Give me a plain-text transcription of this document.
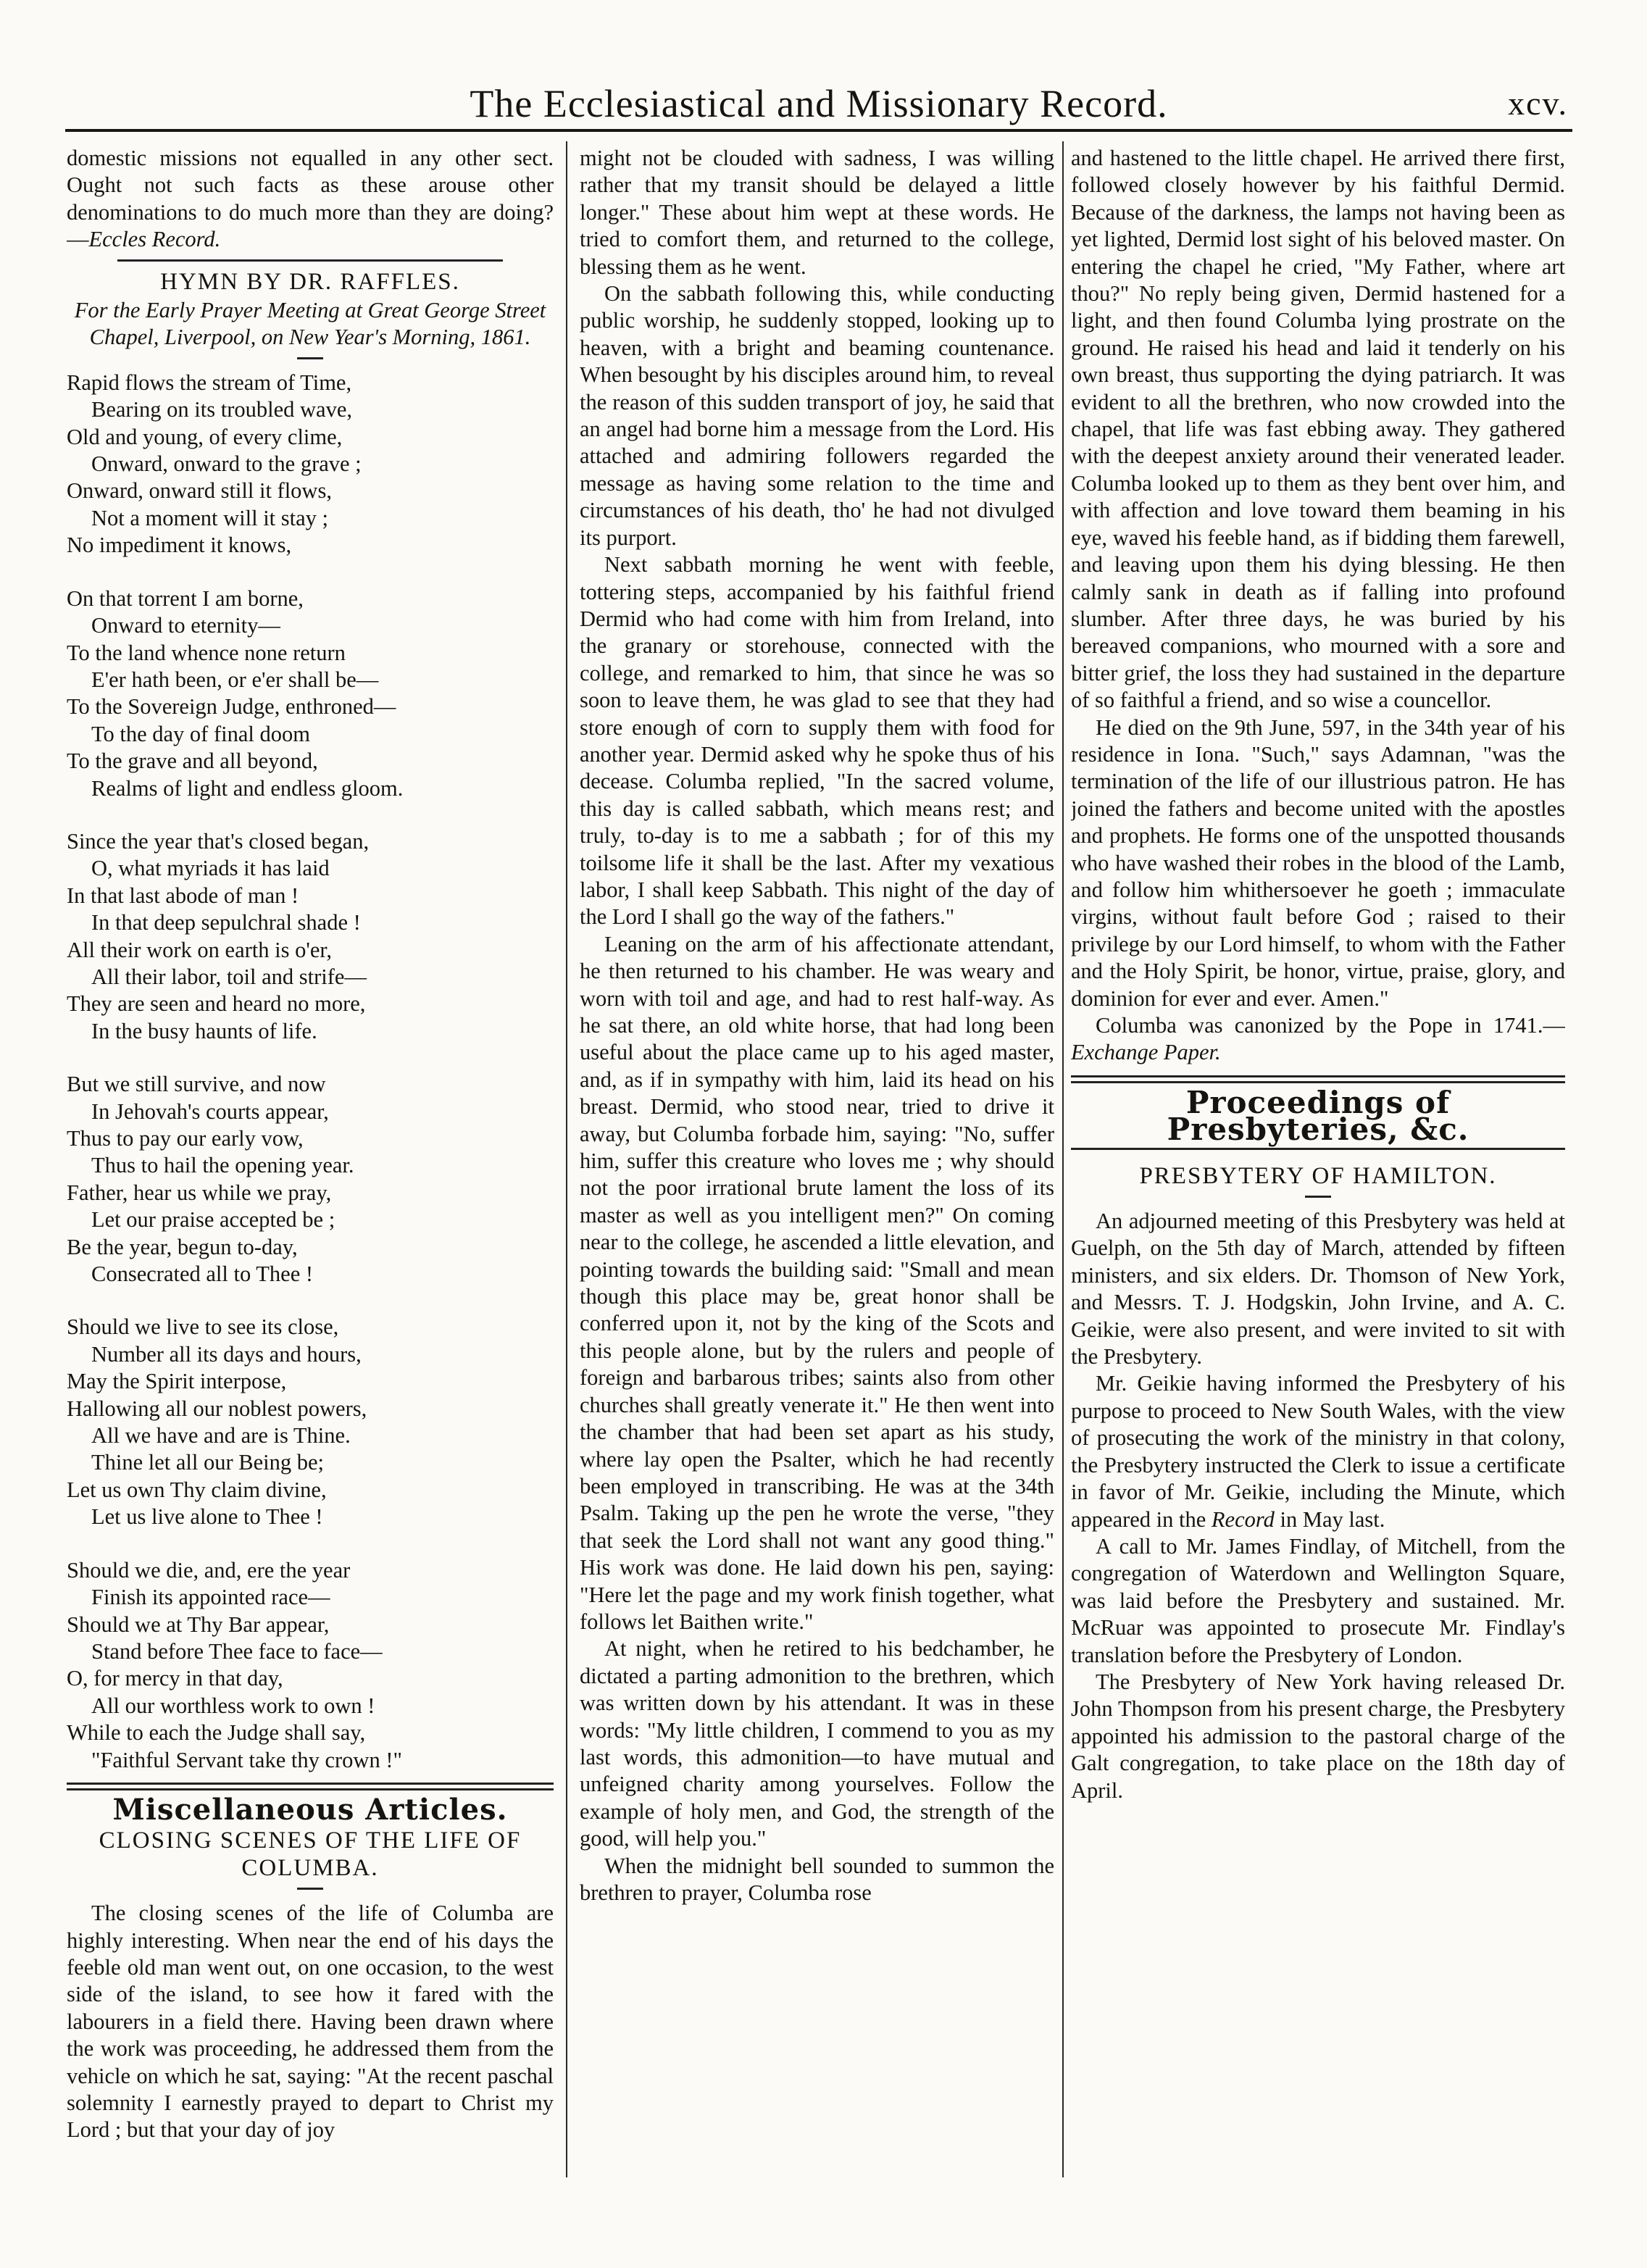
The Ecclesiastical and Missionary Record.	xcv.

domestic missions not equalled in any other sect. Ought not such facts as these arouse other denominations to do much more than they are doing?—Eccles Record.

HYMN BY DR. RAFFLES.
For the Early Prayer Meeting at Great George Street Chapel, Liverpool, on New Year's Morning, 1861.
Rapid flows the stream of Time,
Bearing on its troubled wave,
Old and young, of every clime,
Onward, onward to the grave ;
Onward, onward still it flows,
Not a moment will it stay ;
No impediment it knows,
On that torrent I am borne,
Onward to eternity—
To the land whence none return
E'er hath been, or e'er shall be—
To the Sovereign Judge, enthroned—
To the day of final doom
To the grave and all beyond,
Realms of light and endless gloom.
Since the year that's closed began,
O, what myriads it has laid
In that last abode of man !
In that deep sepulchral shade !
All their work on earth is o'er,
All their labor, toil and strife—
They are seen and heard no more,
In the busy haunts of life.
But we still survive, and now
In Jehovah's courts appear,
Thus to pay our early vow,
Thus to hail the opening year.
Father, hear us while we pray,
Let our praise accepted be ;
Be the year, begun to-day,
Consecrated all to Thee !
Should we live to see its close,
Number all its days and hours,
May the Spirit interpose,
Hallowing all our noblest powers,
All we have and are is Thine.
Thine let all our Being be;
Let us own Thy claim divine,
Let us live alone to Thee !
Should we die, and, ere the year
Finish its appointed race—
Should we at Thy Bar appear,
Stand before Thee face to face—
O, for mercy in that day,
All our worthless work to own !
While to each the Judge shall say,
"Faithful Servant take thy crown !"
Miscellaneous Articles.
CLOSING SCENES OF THE LIFE OF COLUMBA.

The closing scenes of the life of Columba are highly interesting. When near the end of his days the feeble old man went out, on one occasion, to the west side of the island, to see how it fared with the labourers in a field there. Having been drawn where the work was proceeding, he addressed them from the vehicle on which he sat, saying: "At the recent paschal solemnity I earnestly prayed to depart to Christ my Lord ; but that your day of joy

might not be clouded with sadness, I was willing rather that my transit should be delayed a little longer." These about him wept at these words. He tried to comfort them, and returned to the college, blessing them as he went.

On the sabbath following this, while conducting public worship, he suddenly stopped, looking up to heaven, with a bright and beaming countenance. When besought by his disciples around him, to reveal the reason of this sudden transport of joy, he said that an angel had borne him a message from the Lord. His attached and admiring followers regarded the message as having some relation to the time and circumstances of his death, tho' he had not divulged its purport.

Next sabbath morning he went with feeble, tottering steps, accompanied by his faithful friend Dermid who had come with him from Ireland, into the granary or storehouse, connected with the college, and remarked to him, that since he was so soon to leave them, he was glad to see that they had store enough of corn to supply them with food for another year. Dermid asked why he spoke thus of his decease. Columba replied, "In the sacred volume, this day is called sabbath, which means rest; and truly, to-day is to me a sabbath ; for of this my toilsome life it shall be the last. After my vexatious labor, I shall keep Sabbath. This night of the day of the Lord I shall go the way of the fathers."

Leaning on the arm of his affectionate attendant, he then returned to his chamber. He was weary and worn with toil and age, and had to rest half-way. As he sat there, an old white horse, that had long been useful about the place came up to his aged master, and, as if in sympathy with him, laid its head on his breast. Dermid, who stood near, tried to drive it away, but Columba forbade him, saying: "No, suffer him, suffer this creature who loves me ; why should not the poor irrational brute lament the loss of its master as well as you intelligent men?" On coming near to the college, he ascended a little elevation, and pointing towards the building said: "Small and mean though this place may be, great honor shall be conferred upon it, not by the king of the Scots and this people alone, but by the rulers and people of foreign and barbarous tribes; saints also from other churches shall greatly venerate it." He then went into the chamber that had been set apart as his study, where lay open the Psalter, which he had recently been employed in transcribing. He was at the 34th Psalm. Taking up the pen he wrote the verse, "they that seek the Lord shall not want any good thing." His work was done. He laid down his pen, saying: "Here let the page and my work finish together, what follows let Baithen write."

At night, when he retired to his bedchamber, he dictated a parting admonition to the brethren, which was written down by his attendant. It was in these words: "My little children, I commend to you as my last words, this admonition—to have mutual and unfeigned charity among yourselves. Follow the example of holy men, and God, the strength of the good, will help you."

When the midnight bell sounded to summon the brethren to prayer, Columba rose

and hastened to the little chapel. He arrived there first, followed closely however by his faithful Dermid. Because of the darkness, the lamps not having been as yet lighted, Dermid lost sight of his beloved master. On entering the chapel he cried, "My Father, where art thou?" No reply being given, Dermid hastened for a light, and then found Columba lying prostrate on the ground. He raised his head and laid it tenderly on his own breast, thus supporting the dying patriarch. It was evident to all the brethren, who now crowded into the chapel, that life was fast ebbing away. They gathered with the deepest anxiety around their venerated leader. Columba looked up to them as they bent over him, and with affection and love toward them beaming in his eye, waved his feeble hand, as if bidding them farewell, and leaving upon them his dying blessing. He then calmly sank in death as if falling into profound slumber. After three days, he was buried by his bereaved companions, who mourned with a sore and bitter grief, the loss they had sustained in the departure of so faithful a friend, and so wise a councellor.

He died on the 9th June, 597, in the 34th year of his residence in Iona. "Such," says Adamnan, "was the termination of the life of our illustrious patron. He has joined the fathers and become united with the apostles and prophets. He forms one of the unspotted thousands who have washed their robes in the blood of the Lamb, and follow him whithersoever he goeth ; immaculate virgins, without fault before God ; raised to their privilege by our Lord himself, to whom with the Father and the Holy Spirit, be honor, virtue, praise, glory, and dominion for ever and ever. Amen."

Columba was canonized by the Pope in 1741.—Exchange Paper.

Proceedings of Presbyteries, &c.
PRESBYTERY OF HAMILTON.

An adjourned meeting of this Presbytery was held at Guelph, on the 5th day of March, attended by fifteen ministers, and six elders. Dr. Thomson of New York, and Messrs. T. J. Hodgskin, John Irvine, and A. C. Geikie, were also present, and were invited to sit with the Presbytery.

Mr. Geikie having informed the Presbytery of his purpose to proceed to New South Wales, with the view of prosecuting the work of the ministry in that colony, the Presbytery instructed the Clerk to issue a certificate in favor of Mr. Geikie, including the Minute, which appeared in the Record in May last.

A call to Mr. James Findlay, of Mitchell, from the congregation of Waterdown and Wellington Square, was laid before the Presbytery and sustained. Mr. McRuar was appointed to prosecute Mr. Findlay's translation before the Presbytery of London.

The Presbytery of New York having released Dr. John Thompson from his present charge, the Presbytery appointed his admission to the pastoral charge of the Galt congregation, to take place on the 18th day of April.
